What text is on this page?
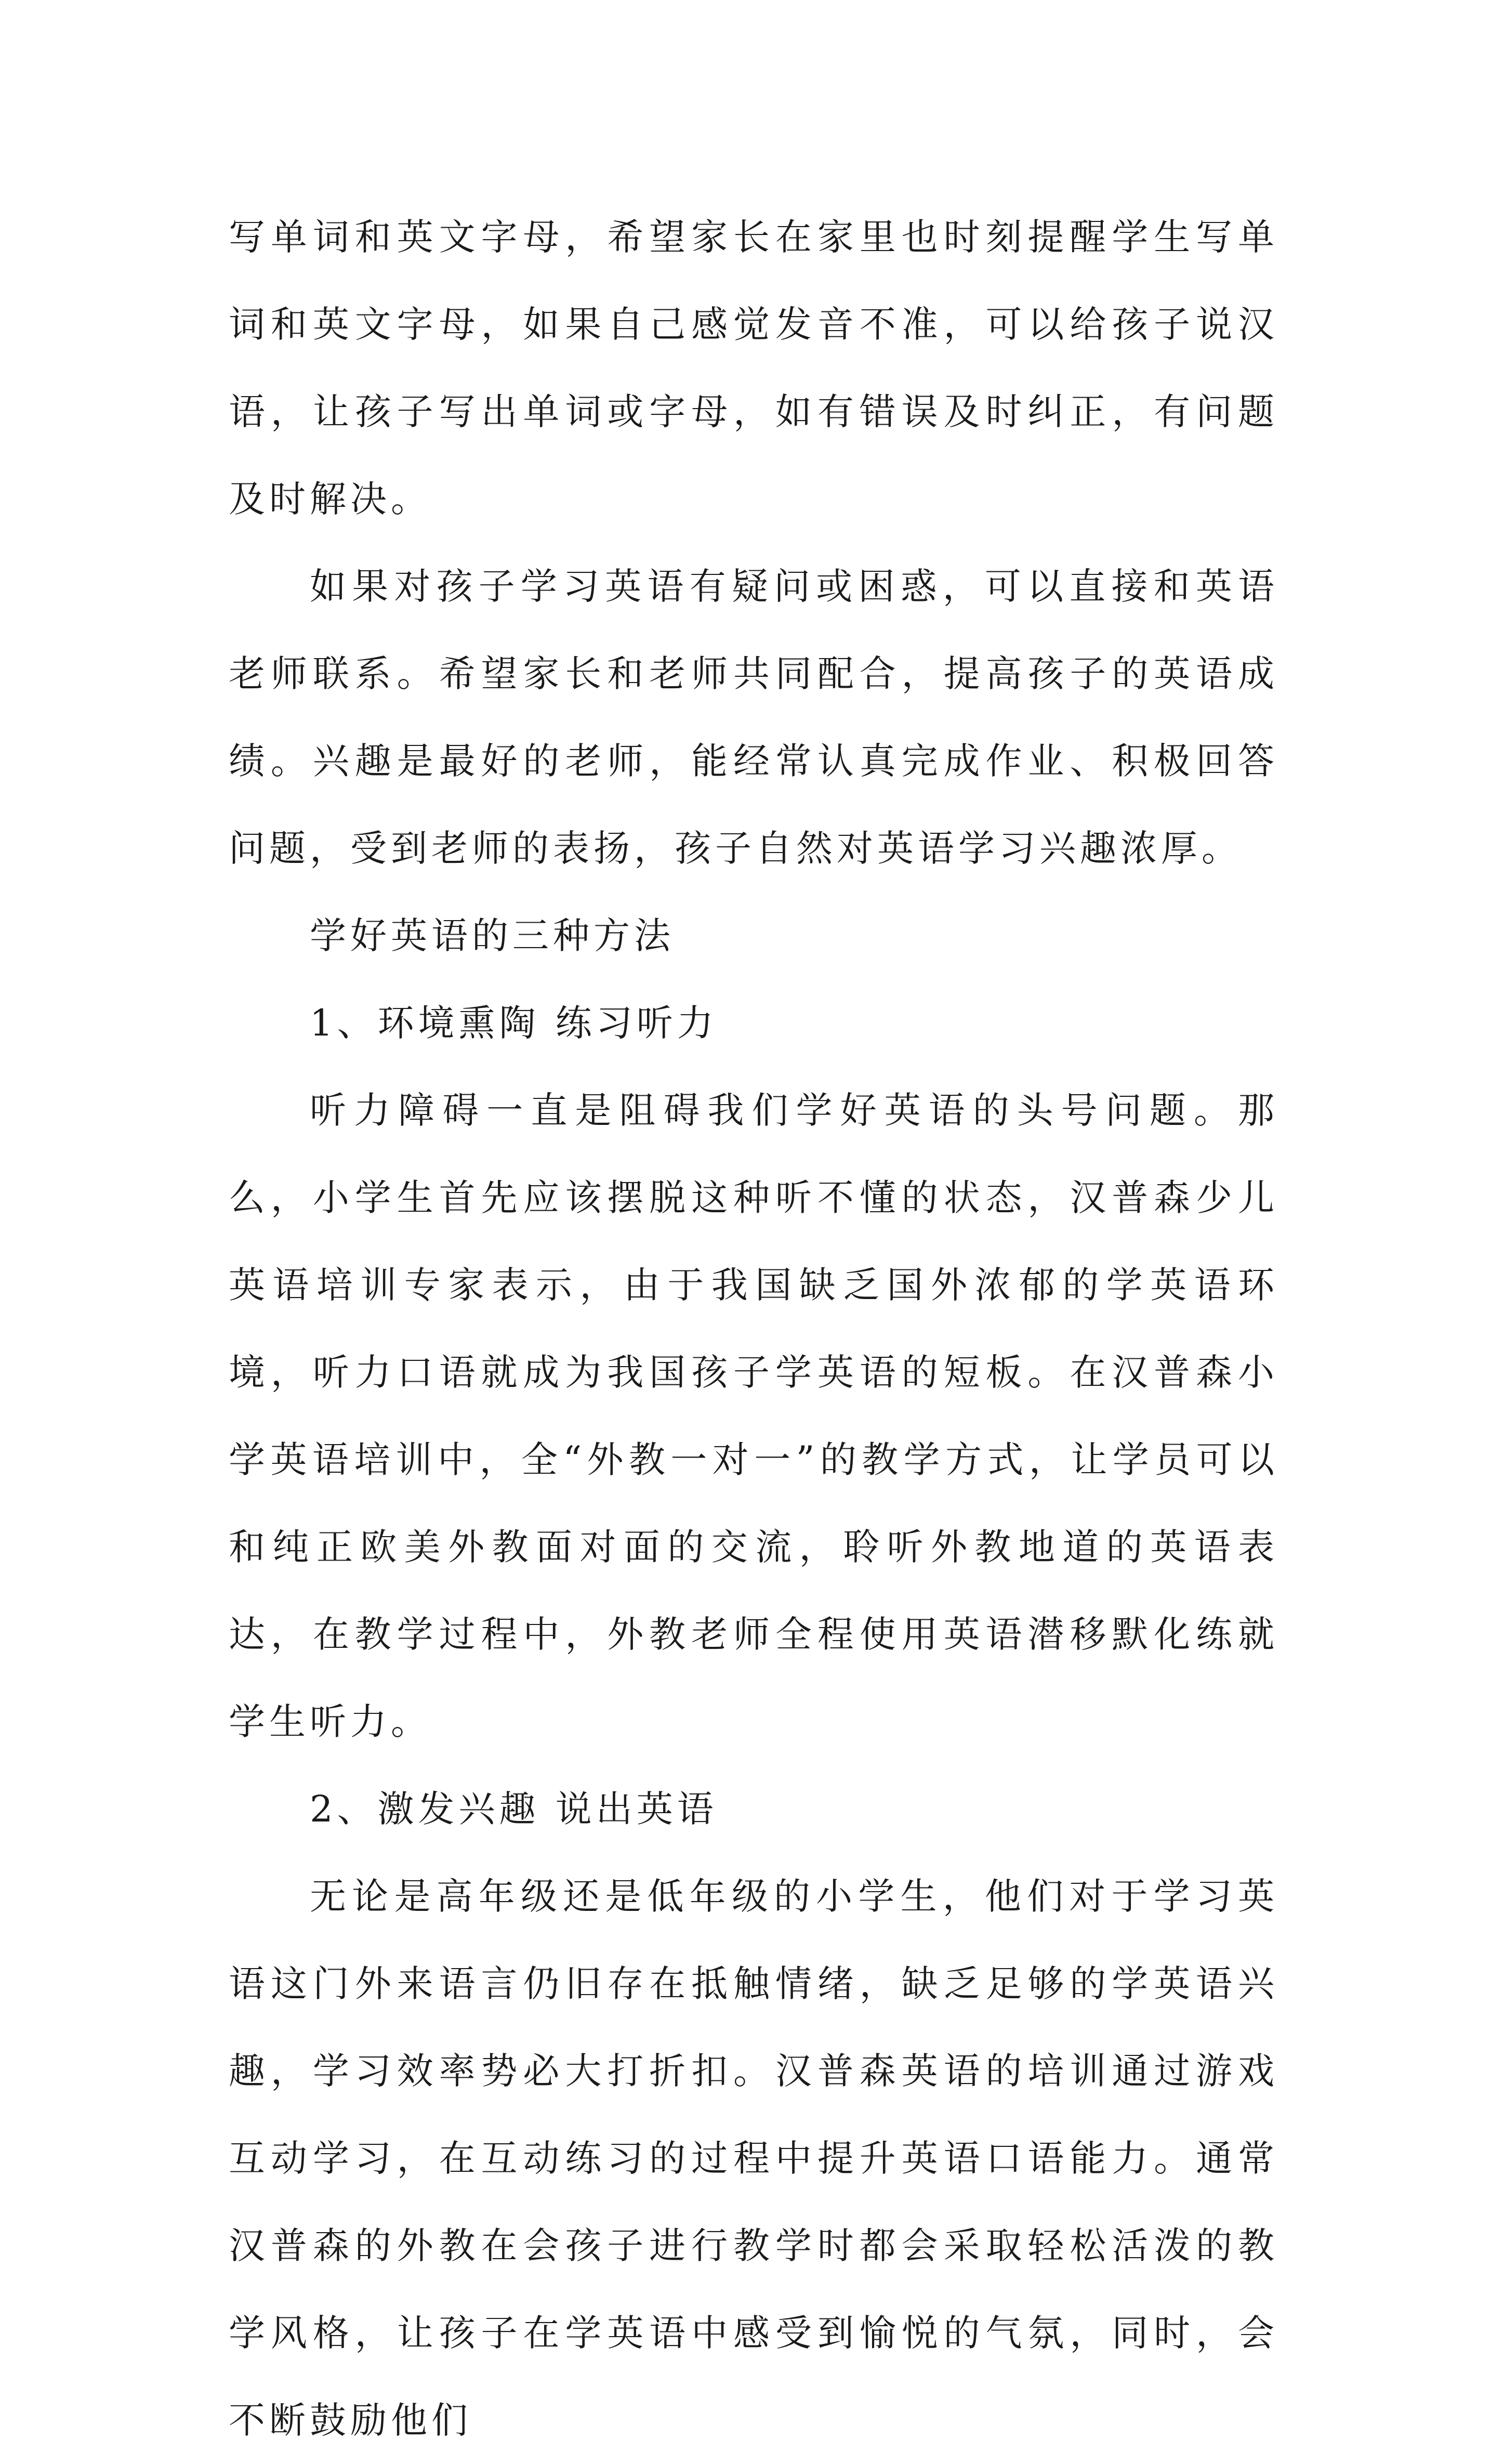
写单词和英文字母，希望家长在家里也时刻提醒学生写单词和英文字母，如果自己感觉发音不准，可以给孩子说汉语，让孩子写出单词或字母，如有错误及时纠正，有问题及时解决。

如果对孩子学习英语有疑问或困惑，可以直接和英语老师联系。希望家长和老师共同配合，提高孩子的英语成绩。兴趣是最好的老师，能经常认真完成作业、积极回答问题，受到老师的表扬，孩子自然对英语学习兴趣浓厚。

学好英语的三种方法

1、环境熏陶 练习听力

听力障碍一直是阻碍我们学好英语的头号问题。那么，小学生首先应该摆脱这种听不懂的状态，汉普森少儿英语培训专家表示，由于我国缺乏国外浓郁的学英语环境，听力口语就成为我国孩子学英语的短板。在汉普森小学英语培训中，全“外教一对一”的教学方式，让学员可以和纯正欧美外教面对面的交流，聆听外教地道的英语表达，在教学过程中，外教老师全程使用英语潜移默化练就学生听力。

2、激发兴趣 说出英语

无论是高年级还是低年级的小学生，他们对于学习英语这门外来语言仍旧存在抵触情绪，缺乏足够的学英语兴趣，学习效率势必大打折扣。汉普森英语的培训通过游戏互动学习，在互动练习的过程中提升英语口语能力。通常汉普森的外教在会孩子进行教学时都会采取轻松活泼的教学风格，让孩子在学英语中感受到愉悦的气氛，同时，会不断鼓励他们
